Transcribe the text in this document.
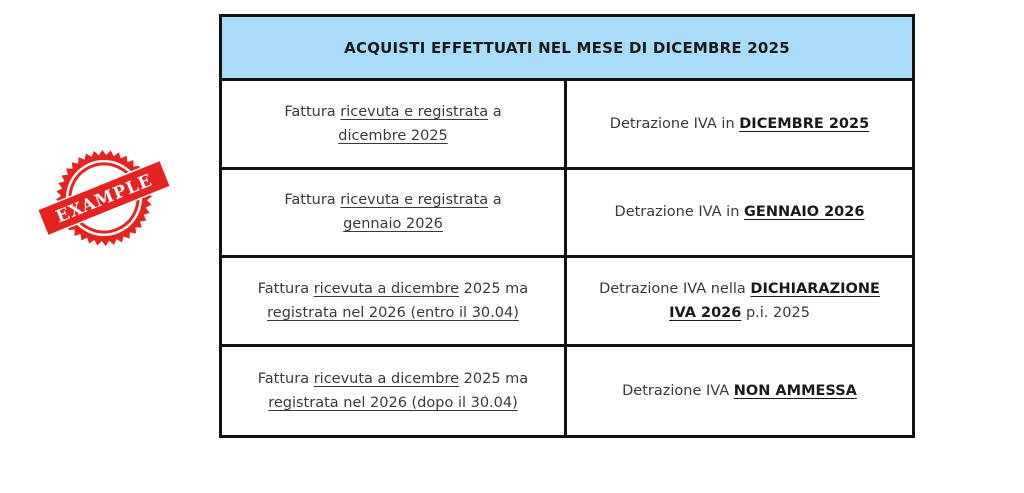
EXAMPLE
ACQUISTI EFFETTUATI NEL MESE DI DICEMBRE 2025
Fattura ricevuta e registrata a
dicembre 2025
Detrazione IVA in DICEMBRE 2025
Fattura ricevuta e registrata a
gennaio 2026
Detrazione IVA in GENNAIO 2026
Fattura ricevuta a dicembre 2025 ma
registrata nel 2026 (entro il 30.04)
Detrazione IVA nella DICHIARAZIONE
IVA 2026 p.i. 2025
Fattura ricevuta a dicembre 2025 ma
registrata nel 2026 (dopo il 30.04)
Detrazione IVA NON AMMESSA
